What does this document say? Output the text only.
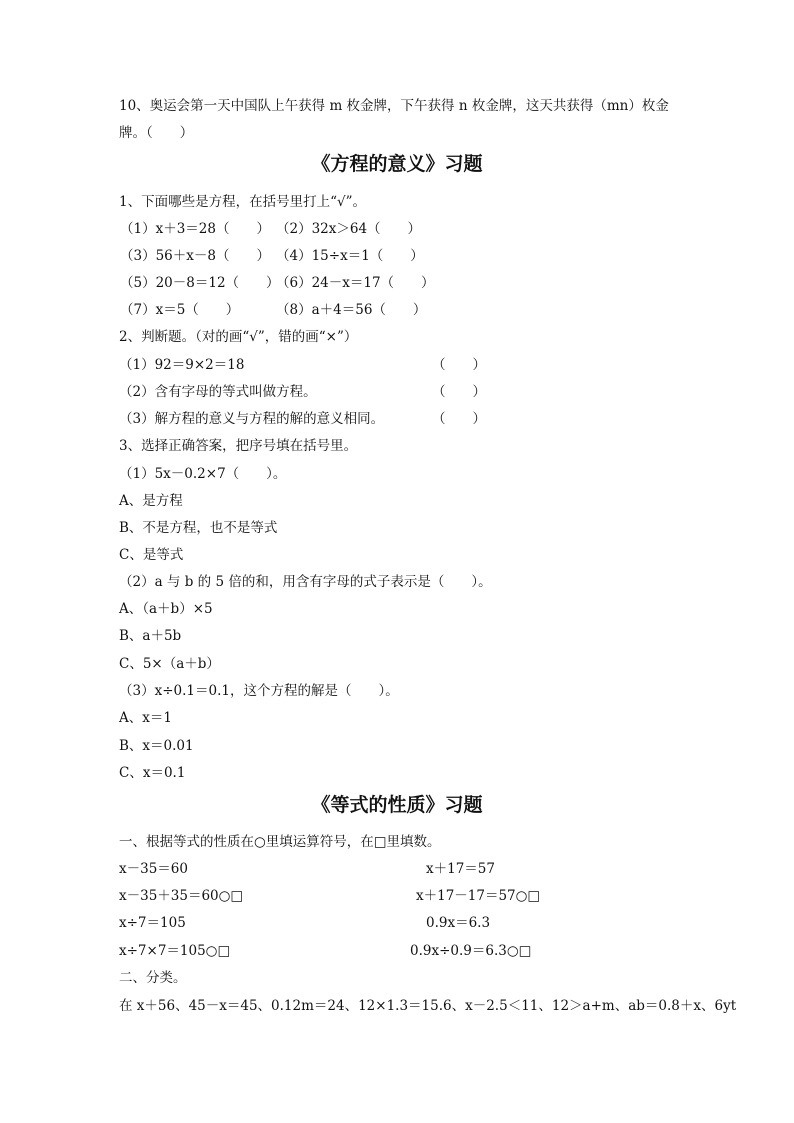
10、奥运会第一天中国队上午获得 m 枚金牌，下午获得 n 枚金牌，这天共获得（mn）枚金
牌。（　　）
《方程的意义》习题
1、下面哪些是方程，在括号里打上“√”。
（1）x＋3＝28（　　） （2）32x＞64（　　）
（3）56＋x－8（　　） （4）15÷x＝1（　　）
（5）20－8＝12（　　）
（6）24－x＝17（　　）
（7）x＝5（　　）	（8）a＋4＝56（　　）
2、判断题。（对的画“√”，错的画“×”）
（1）92＝9×2＝18	（　　）
（2）含有字母的等式叫做方程。	（　　）
（3）解方程的意义与方程的解的意义相同。	（　　）
3、选择正确答案，把序号填在括号里。
（1）5x－0.2×7（　　）。
A、是方程
B、不是方程，也不是等式
C、是等式
（2）a 与 b 的 5 倍的和，用含有字母的式子表示是（　　）。
A、（a＋b）×5
B、a＋5b
C、5×（a＋b）
（3）x÷0.1＝0.1，这个方程的解是（　　）。
A、x＝1
B、x＝0.01
C、x＝0.1
《等式的性质》习题
一、根据等式的性质在○里填运算符号，在□里填数。
x－35＝60	x＋17＝57
x－35＋35＝60○□	x＋17－17＝57○□
x÷7＝105	0.9x＝6.3
x÷7×7＝105○□	0.9x÷0.9＝6.3○□
二、分类。
在 x＋56、45－x＝45、0.12m＝24、12×1.3＝15.6、x－2.5＜11、12＞a+m、ab＝0.8＋x、6yt
